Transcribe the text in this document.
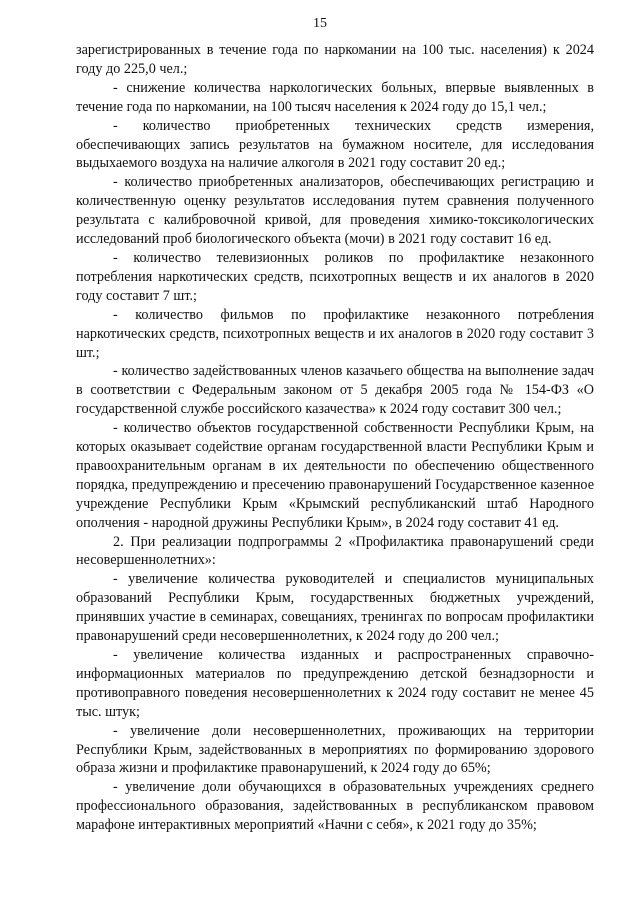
15

зарегистрированных в течение года по наркомании на 100 тыс. населения) к 2024 году до 225,0 чел.;

- снижение количества наркологических больных, впервые выявленных в течение года по наркомании, на 100 тысяч населения к 2024 году до 15,1 чел.;

- количество приобретенных технических средств измерения, обеспечивающих запись результатов на бумажном носителе, для исследования выдыхаемого воздуха на наличие алкоголя в 2021 году составит 20 ед.;

- количество приобретенных анализаторов, обеспечивающих регистрацию и количественную оценку результатов исследования путем сравнения полученного результата с калибровочной кривой, для проведения химико-токсикологических исследований проб биологического объекта (мочи) в 2021 году составит 16 ед.

- количество телевизионных роликов по профилактике незаконного потребления наркотических средств, психотропных веществ и их аналогов в 2020 году составит 7 шт.;

- количество фильмов по профилактике незаконного потребления наркотических средств, психотропных веществ и их аналогов в 2020 году составит 3 шт.;

- количество задействованных членов казачьего общества на выполнение задач в соответствии с Федеральным законом от 5 декабря 2005 года № 154-ФЗ «О государственной службе российского казачества» к 2024 году составит 300 чел.;

- количество объектов государственной собственности Республики Крым, на которых оказывает содействие органам государственной власти Республики Крым и правоохранительным органам в их деятельности по обеспечению общественного порядка, предупреждению и пресечению правонарушений Государственное казенное учреждение Республики Крым «Крымский республиканский штаб Народного ополчения - народной дружины Республики Крым», в 2024 году составит 41 ед.

2. При реализации подпрограммы 2 «Профилактика правонарушений среди несовершеннолетних»:

- увеличение количества руководителей и специалистов муниципальных образований Республики Крым, государственных бюджетных учреждений, принявших участие в семинарах, совещаниях, тренингах по вопросам профилактики правонарушений среди несовершеннолетних, к 2024 году до 200 чел.;

- увеличение количества изданных и распространенных справочно-информационных материалов по предупреждению детской безнадзорности и противоправного поведения несовершеннолетних к 2024 году составит не менее 45 тыс. штук;

- увеличение доли несовершеннолетних, проживающих на территории Республики Крым, задействованных в мероприятиях по формированию здорового образа жизни и профилактике правонарушений, к 2024 году до 65%;

- увеличение доли обучающихся в образовательных учреждениях среднего профессионального образования, задействованных в республиканском правовом марафоне интерактивных мероприятий «Начни с себя», к 2021 году до 35%;
